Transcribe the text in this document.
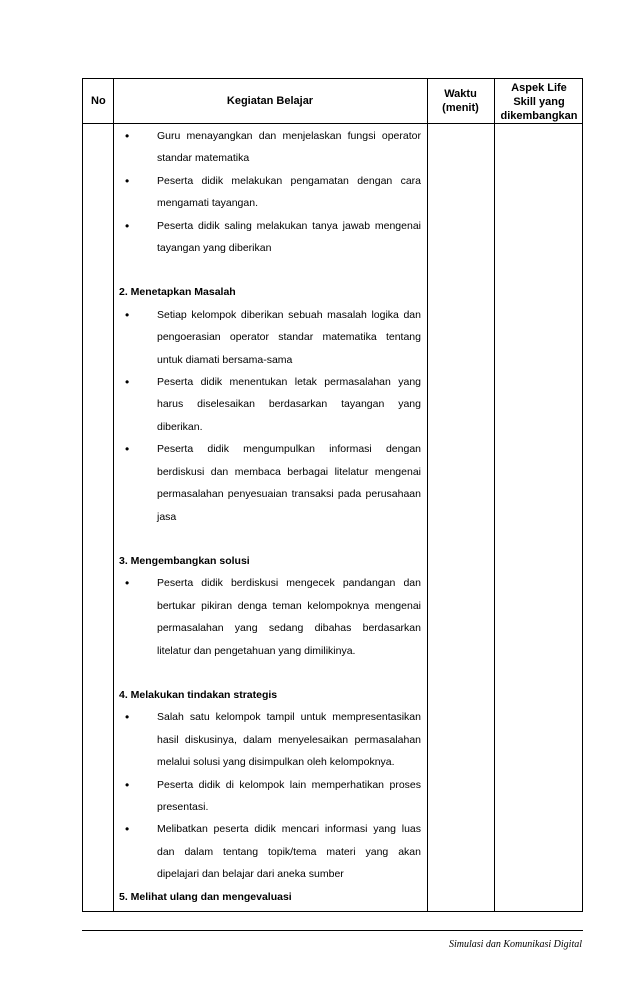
No	Kegiatan Belajar
Waktu
(menit)
Aspek Life
Skill yang
dikembangkan
• Guru menayangkan dan menjelaskan fungsi operator standar matematika
• Peserta didik melakukan pengamatan dengan cara mengamati tayangan.
• Peserta didik saling melakukan tanya jawab mengenai tayangan yang diberikan
2. Menetapkan Masalah
• Setiap kelompok diberikan sebuah masalah logika dan pengoerasian operator standar matematika tentang untuk diamati bersama-sama
• Peserta didik menentukan letak permasalahan yang harus diselesaikan berdasarkan tayangan yang diberikan.
• Peserta didik mengumpulkan informasi dengan berdiskusi dan membaca berbagai litelatur mengenai permasalahan penyesuaian transaksi pada perusahaan jasa
3. Mengembangkan solusi
• Peserta didik berdiskusi mengecek pandangan dan bertukar pikiran denga teman kelompoknya mengenai permasalahan yang sedang dibahas berdasarkan litelatur dan pengetahuan yang dimilikinya.
4. Melakukan tindakan strategis
• Salah satu kelompok tampil untuk mempresentasikan hasil diskusinya, dalam menyelesaikan permasalahan melalui solusi yang disimpulkan oleh kelompoknya.
• Peserta didik di kelompok lain memperhatikan proses presentasi.
• Melibatkan peserta didik mencari informasi yang luas dan dalam tentang topik/tema materi yang akan dipelajari dan belajar dari aneka sumber
5. Melihat ulang dan mengevaluasi
Simulasi dan Komunikasi Digital
